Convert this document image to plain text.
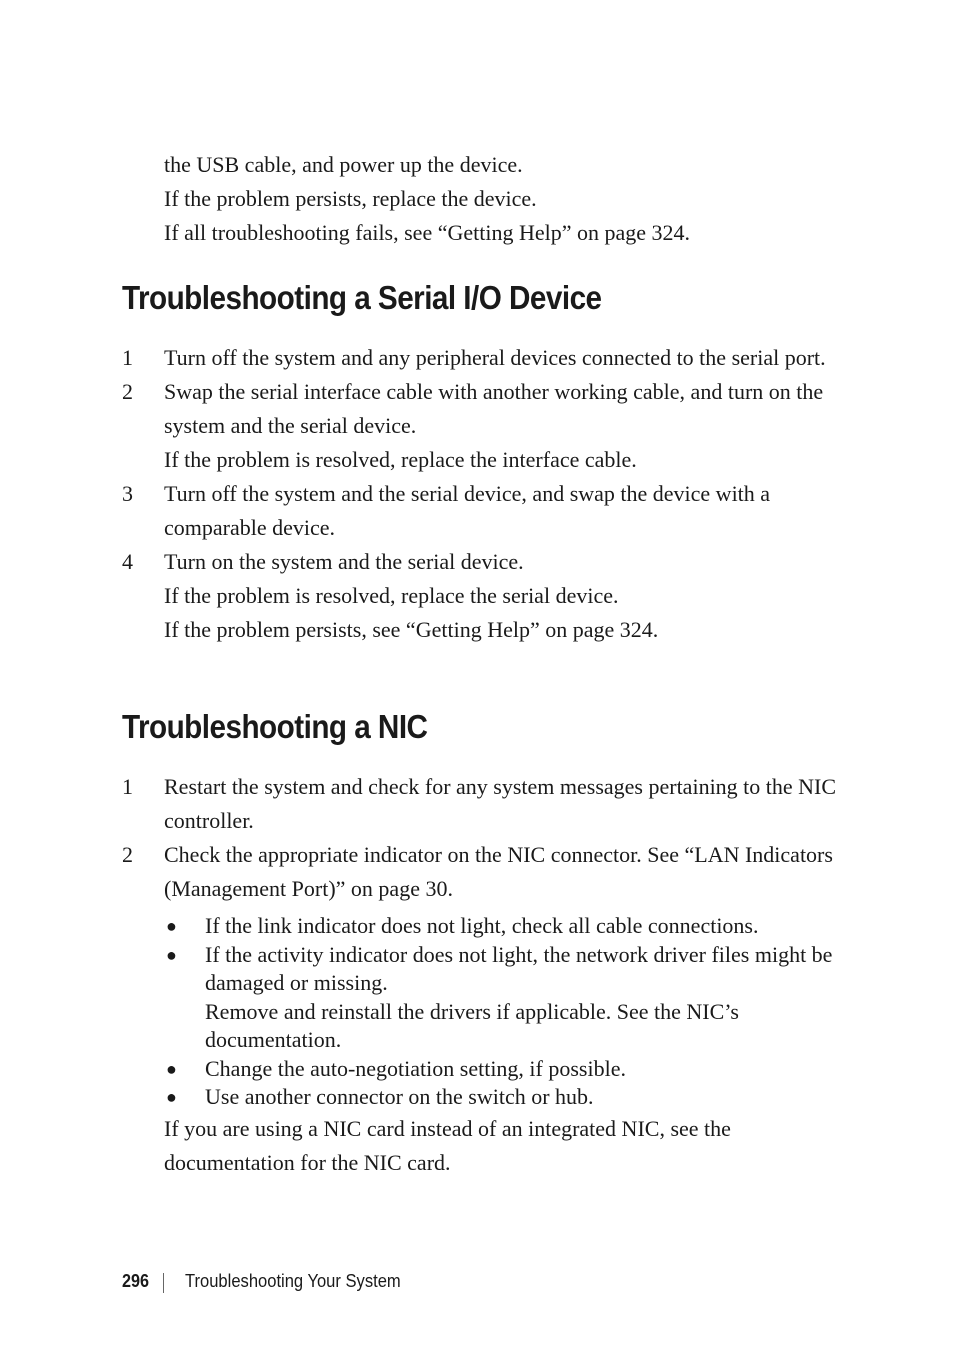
the USB cable, and power up the device.

If the problem persists, replace the device.

If all troubleshooting fails, see “Getting Help” on page 324.

Troubleshooting a Serial I/O Device
1 Turn off the system and any peripheral devices connected to the serial port.

2 Swap the serial interface cable with another working cable, and turn on the system and the serial device.

If the problem is resolved, replace the interface cable.

3 Turn off the system and the serial device, and swap the device with a comparable device.

4 Turn on the system and the serial device.

If the problem is resolved, replace the serial device.

If the problem persists, see “Getting Help” on page 324.

Troubleshooting a NIC
1 Restart the system and check for any system messages pertaining to the NIC controller.

2 Check the appropriate indicator on the NIC connector. See “LAN Indicators (Management Port)” on page 30.

● If the link indicator does not light, check all cable connections.
● If the activity indicator does not light, the network driver files might be damaged or missing.
Remove and reinstall the drivers if applicable. See the NIC’s documentation.
● Change the auto-negotiation setting, if possible.
● Use another connector on the switch or hub.

If you are using a NIC card instead of an integrated NIC, see the documentation for the NIC card.

296 Troubleshooting Your System
